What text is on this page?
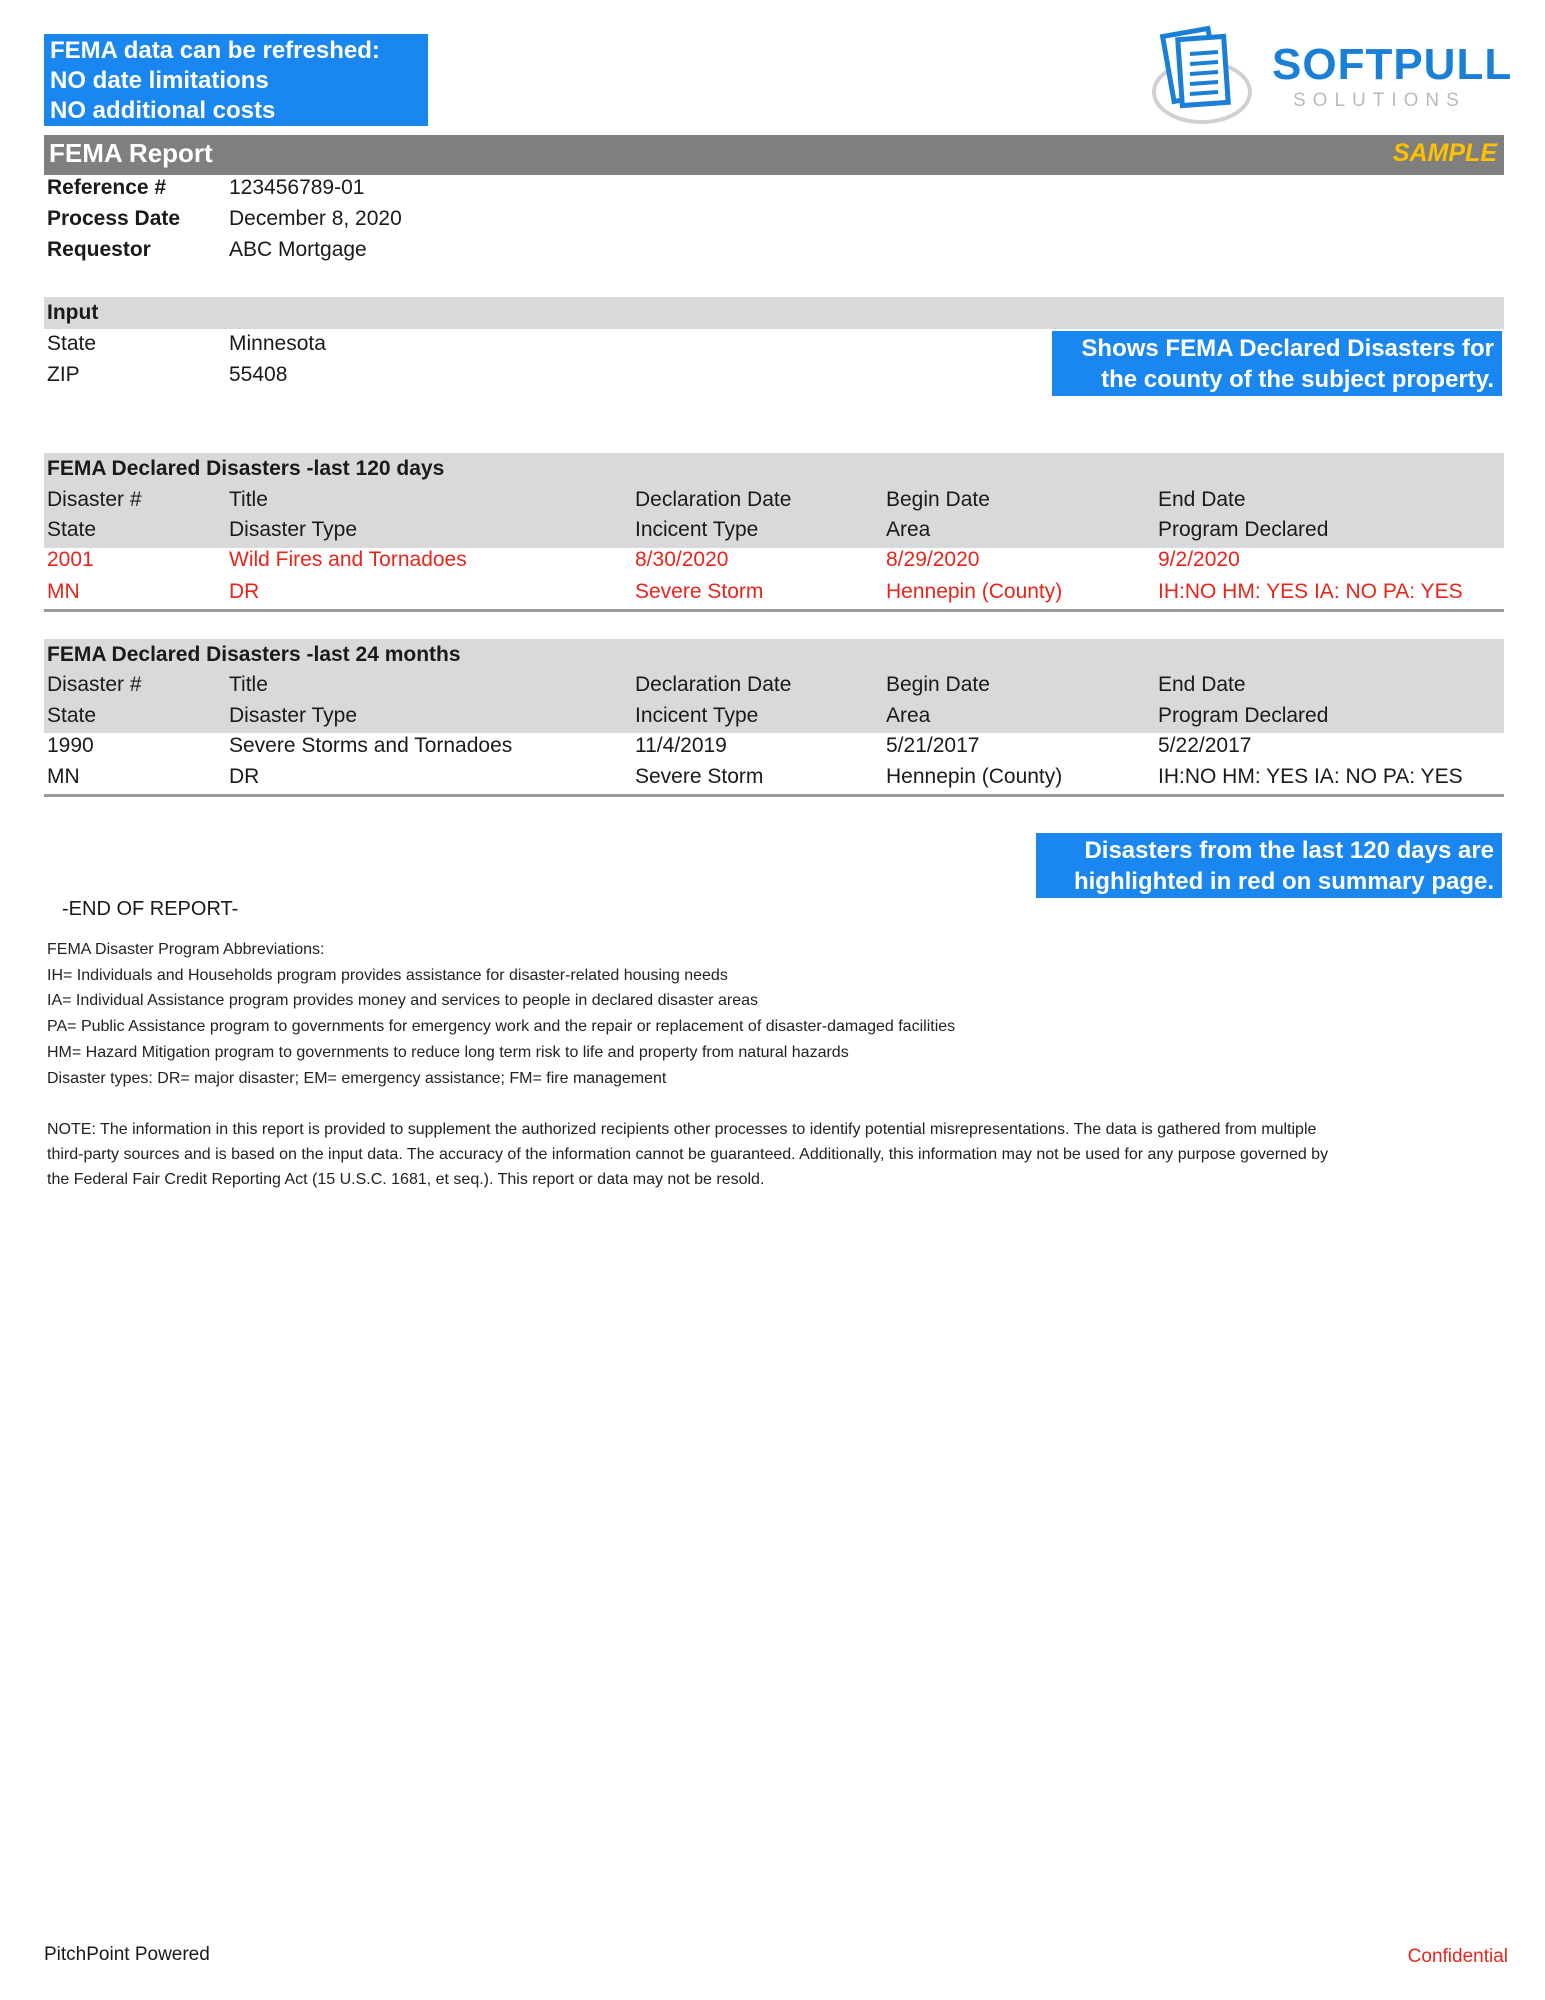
FEMA data can be refreshed:
NO date limitations
NO additional costs
SOFTPULL
SOLUTIONS
FEMA Report	SAMPLE
Reference #	123456789-01
Process Date December 8, 2020
Requestor	ABC Mortgage
Input
State	Minnesota
ZIP	55408
Shows FEMA Declared Disasters for
the county of the subject property.
FEMA Declared Disasters -last 120 days
Disaster #	Title	Declaration Date	Begin Date	End Date
State	Disaster Type	Incicent Type	Area	Program Declared
2001	Wild Fires and Tornadoes	8/30/2020	8/29/2020	9/2/2020
MN	DR	Severe Storm	Hennepin (County)	IH:NO HM: YES IA: NO PA: YES
FEMA Declared Disasters -last 24 months
Disaster #	Title	Declaration Date	Begin Date	End Date
State	Disaster Type	Incicent Type	Area	Program Declared
1990	Severe Storms and Tornadoes	11/4/2019	5/21/2017	5/22/2017
MN	DR	Severe Storm	Hennepin (County)	IH:NO HM: YES IA: NO PA: YES
Disasters from the last 120 days are
highlighted in red on summary page.
-END OF REPORT-
FEMA Disaster Program Abbreviations:
IH= Individuals and Households program provides assistance for disaster-related housing needs
IA= Individual Assistance program provides money and services to people in declared disaster areas
PA= Public Assistance program to governments for emergency work and the repair or replacement of disaster-damaged facilities
HM= Hazard Mitigation program to governments to reduce long term risk to life and property from natural hazards
Disaster types: DR= major disaster; EM= emergency assistance; FM= fire management
NOTE: The information in this report is provided to supplement the authorized recipients other processes to identify potential misrepresentations. The data is gathered from multiple
third-party sources and is based on the input data. The accuracy of the information cannot be guaranteed. Additionally, this information may not be used for any purpose governed by
the Federal Fair Credit Reporting Act (15 U.S.C. 1681, et seq.). This report or data may not be resold.
PitchPoint Powered	Confidential
